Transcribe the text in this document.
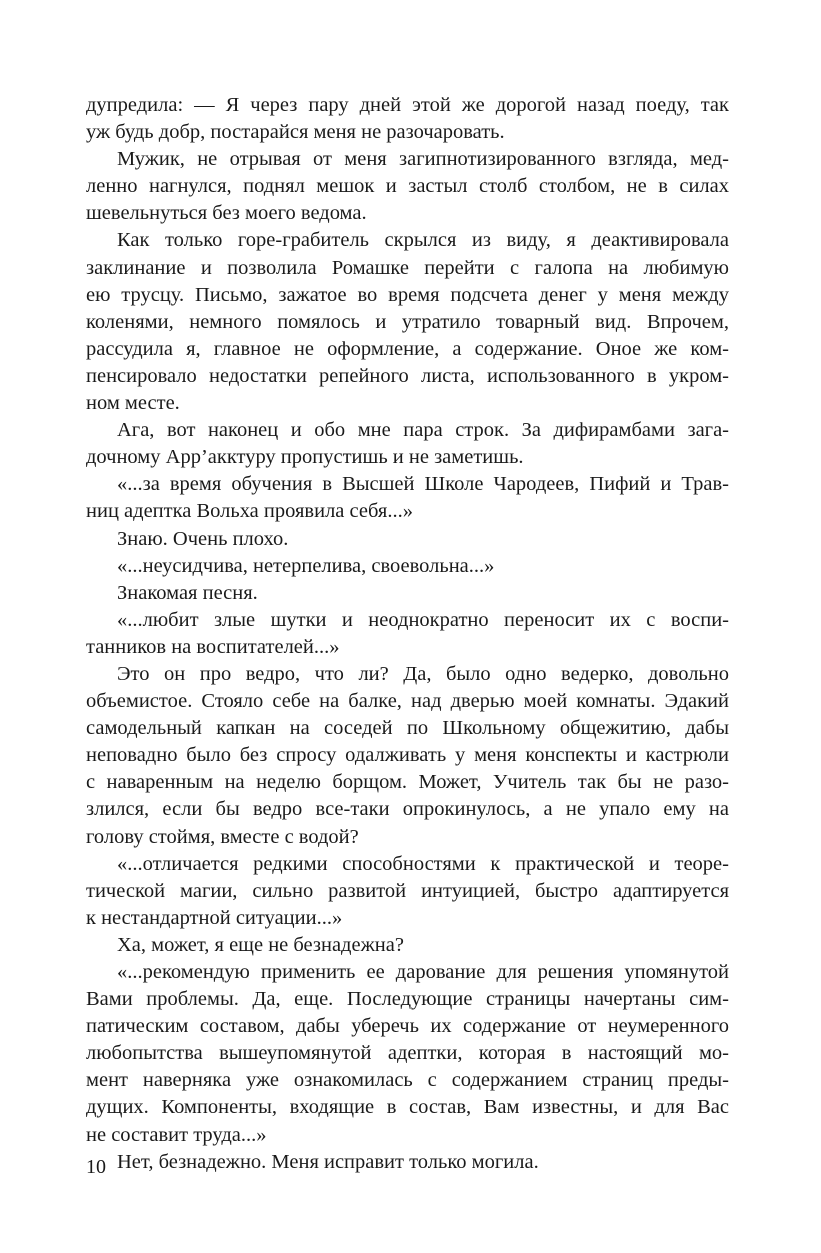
дупредила: — Я через пару дней этой же дорогой назад поеду, так
уж будь добр, постарайся меня не разочаровать.
Мужик, не отрывая от меня загипнотизированного взгляда, мед-
ленно нагнулся, поднял мешок и застыл столб столбом, не в силах
шевельнуться без моего ведома.
Как только горе-грабитель скрылся из виду, я деактивировала
заклинание и позволила Ромашке перейти с галопа на любимую
ею трусцу. Письмо, зажатое во время подсчета денег у меня между
коленями, немного помялось и утратило товарный вид. Впрочем,
рассудила я, главное не оформление, а содержание. Оное же ком-
пенсировало недостатки репейного листа, использованного в укром-
ном месте.
Ага, вот наконец и обо мне пара строк. За дифирамбами зага-
дочному Арр’акктуру пропустишь и не заметишь.
«...за время обучения в Высшей Школе Чародеев, Пифий и Трав-
ниц адептка Вольха проявила себя...»
Знаю. Очень плохо.
«...неусидчива, нетерпелива, своевольна...»
Знакомая песня.
«...любит злые шутки и неоднократно переносит их с воспи-
танников на воспитателей...»
Это он про ведро, что ли? Да, было одно ведерко, довольно
объемистое. Стояло себе на балке, над дверью моей комнаты. Эдакий
самодельный капкан на соседей по Школьному общежитию, дабы
неповадно было без спросу одалживать у меня конспекты и кастрюли
с наваренным на неделю борщом. Может, Учитель так бы не разо-
злился, если бы ведро все-таки опрокинулось, а не упало ему на
голову стоймя, вместе с водой?
«...отличается редкими способностями к практической и теоре-
тической магии, сильно развитой интуицией, быстро адаптируется
к нестандартной ситуации...»
Ха, может, я еще не безнадежна?
«...рекомендую применить ее дарование для решения упомянутой
Вами проблемы. Да, еще. Последующие страницы начертаны сим-
патическим составом, дабы уберечь их содержание от неумеренного
любопытства вышеупомянутой адептки, которая в настоящий мо-
мент наверняка уже ознакомилась с содержанием страниц преды-
дущих. Компоненты, входящие в состав, Вам известны, и для Вас
не составит труда...»
Нет, безнадежно. Меня исправит только могила.
10
